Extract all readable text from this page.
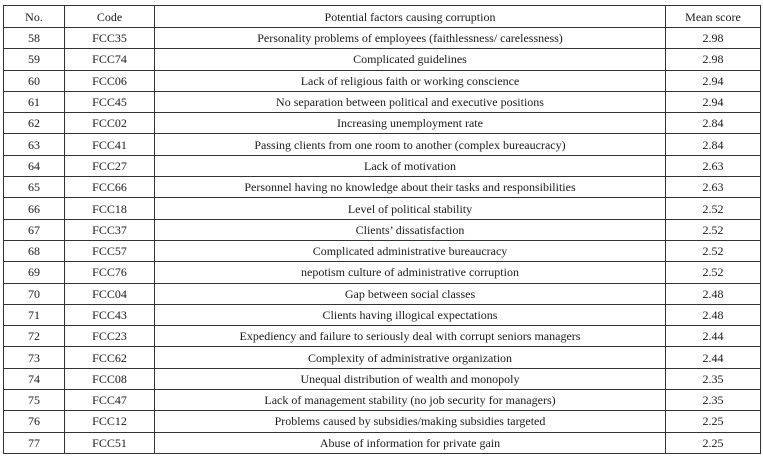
No.	Code	Potential factors causing corruption	Mean score
58	FCC35	Personality problems of employees (faithlessness/ carelessness)	2.98
59	FCC74	Complicated guidelines	2.98
60	FCC06	Lack of religious faith or working conscience	2.94
61	FCC45	No separation between political and executive positions	2.94
62	FCC02	Increasing unemployment rate	2.84
63	FCC41	Passing clients from one room to another (complex bureaucracy)	2.84
64	FCC27	Lack of motivation	2.63
65	FCC66	Personnel having no knowledge about their tasks and responsibilities	2.63
66	FCC18	Level of political stability	2.52
67	FCC37	Clients’ dissatisfaction	2.52
68	FCC57	Complicated administrative bureaucracy	2.52
69	FCC76	nepotism culture of administrative corruption	2.52
70	FCC04	Gap between social classes	2.48
71	FCC43	Clients having illogical expectations	2.48
72	FCC23	Expediency and failure to seriously deal with corrupt seniors managers	2.44
73	FCC62	Complexity of administrative organization	2.44
74	FCC08	Unequal distribution of wealth and monopoly	2.35
75	FCC47	Lack of management stability (no job security for managers)	2.35
76	FCC12	Problems caused by subsidies/making subsidies targeted	2.25
77	FCC51	Abuse of information for private gain	2.25
